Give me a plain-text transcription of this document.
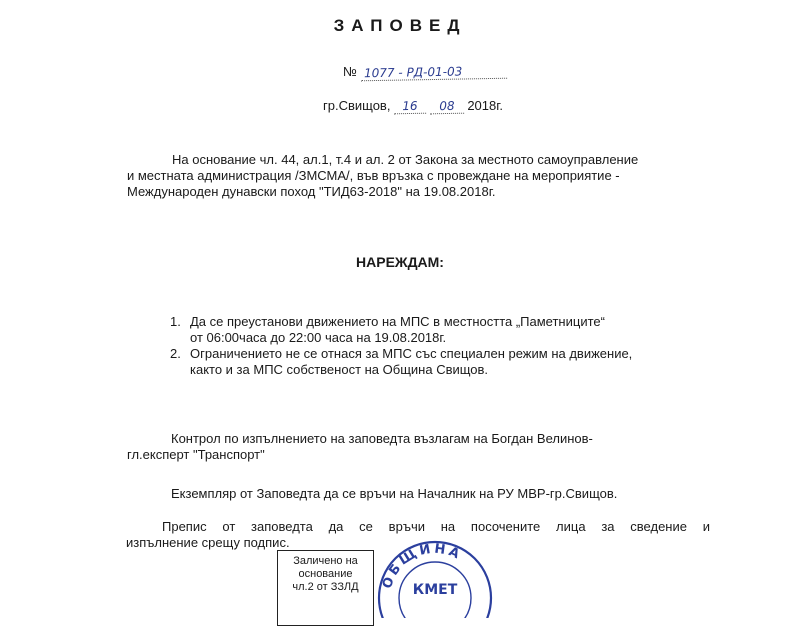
ЗАПОВЕД
№ 1077 - РД-01-03
гр.Свищов, 16 08 2018г.
На основание чл. 44, ал.1, т.4 и ал. 2 от Закона за местното самоуправление
и местната администрация /ЗМСМА/, във връзка с провеждане на мероприятие -
Международен дунавски поход "ТИД63-2018" на 19.08.2018г.
НАРЕЖДАМ:
1. Да се преустанови движението на МПС в местността „Паметниците“
от 06:00часа до 22:00 часа на 19.08.2018г.
2. Ограничението не се отнася за МПС със специален режим на движение,
както и за МПС собственост на Община Свищов.
Контрол по изпълнението на заповедта възлагам на Богдан Велинов-
гл.експерт "Транспорт"
Екземпляр от Заповедта да се връчи на Началник на РУ МВР-гр.Свищов.
Препис от заповедта да се връчи на посочените лица за сведение и
изпълнение срещу подпис.
Заличено на
основание
чл.2 от ЗЗЛД	ОБЩИНА
КМЕТ
